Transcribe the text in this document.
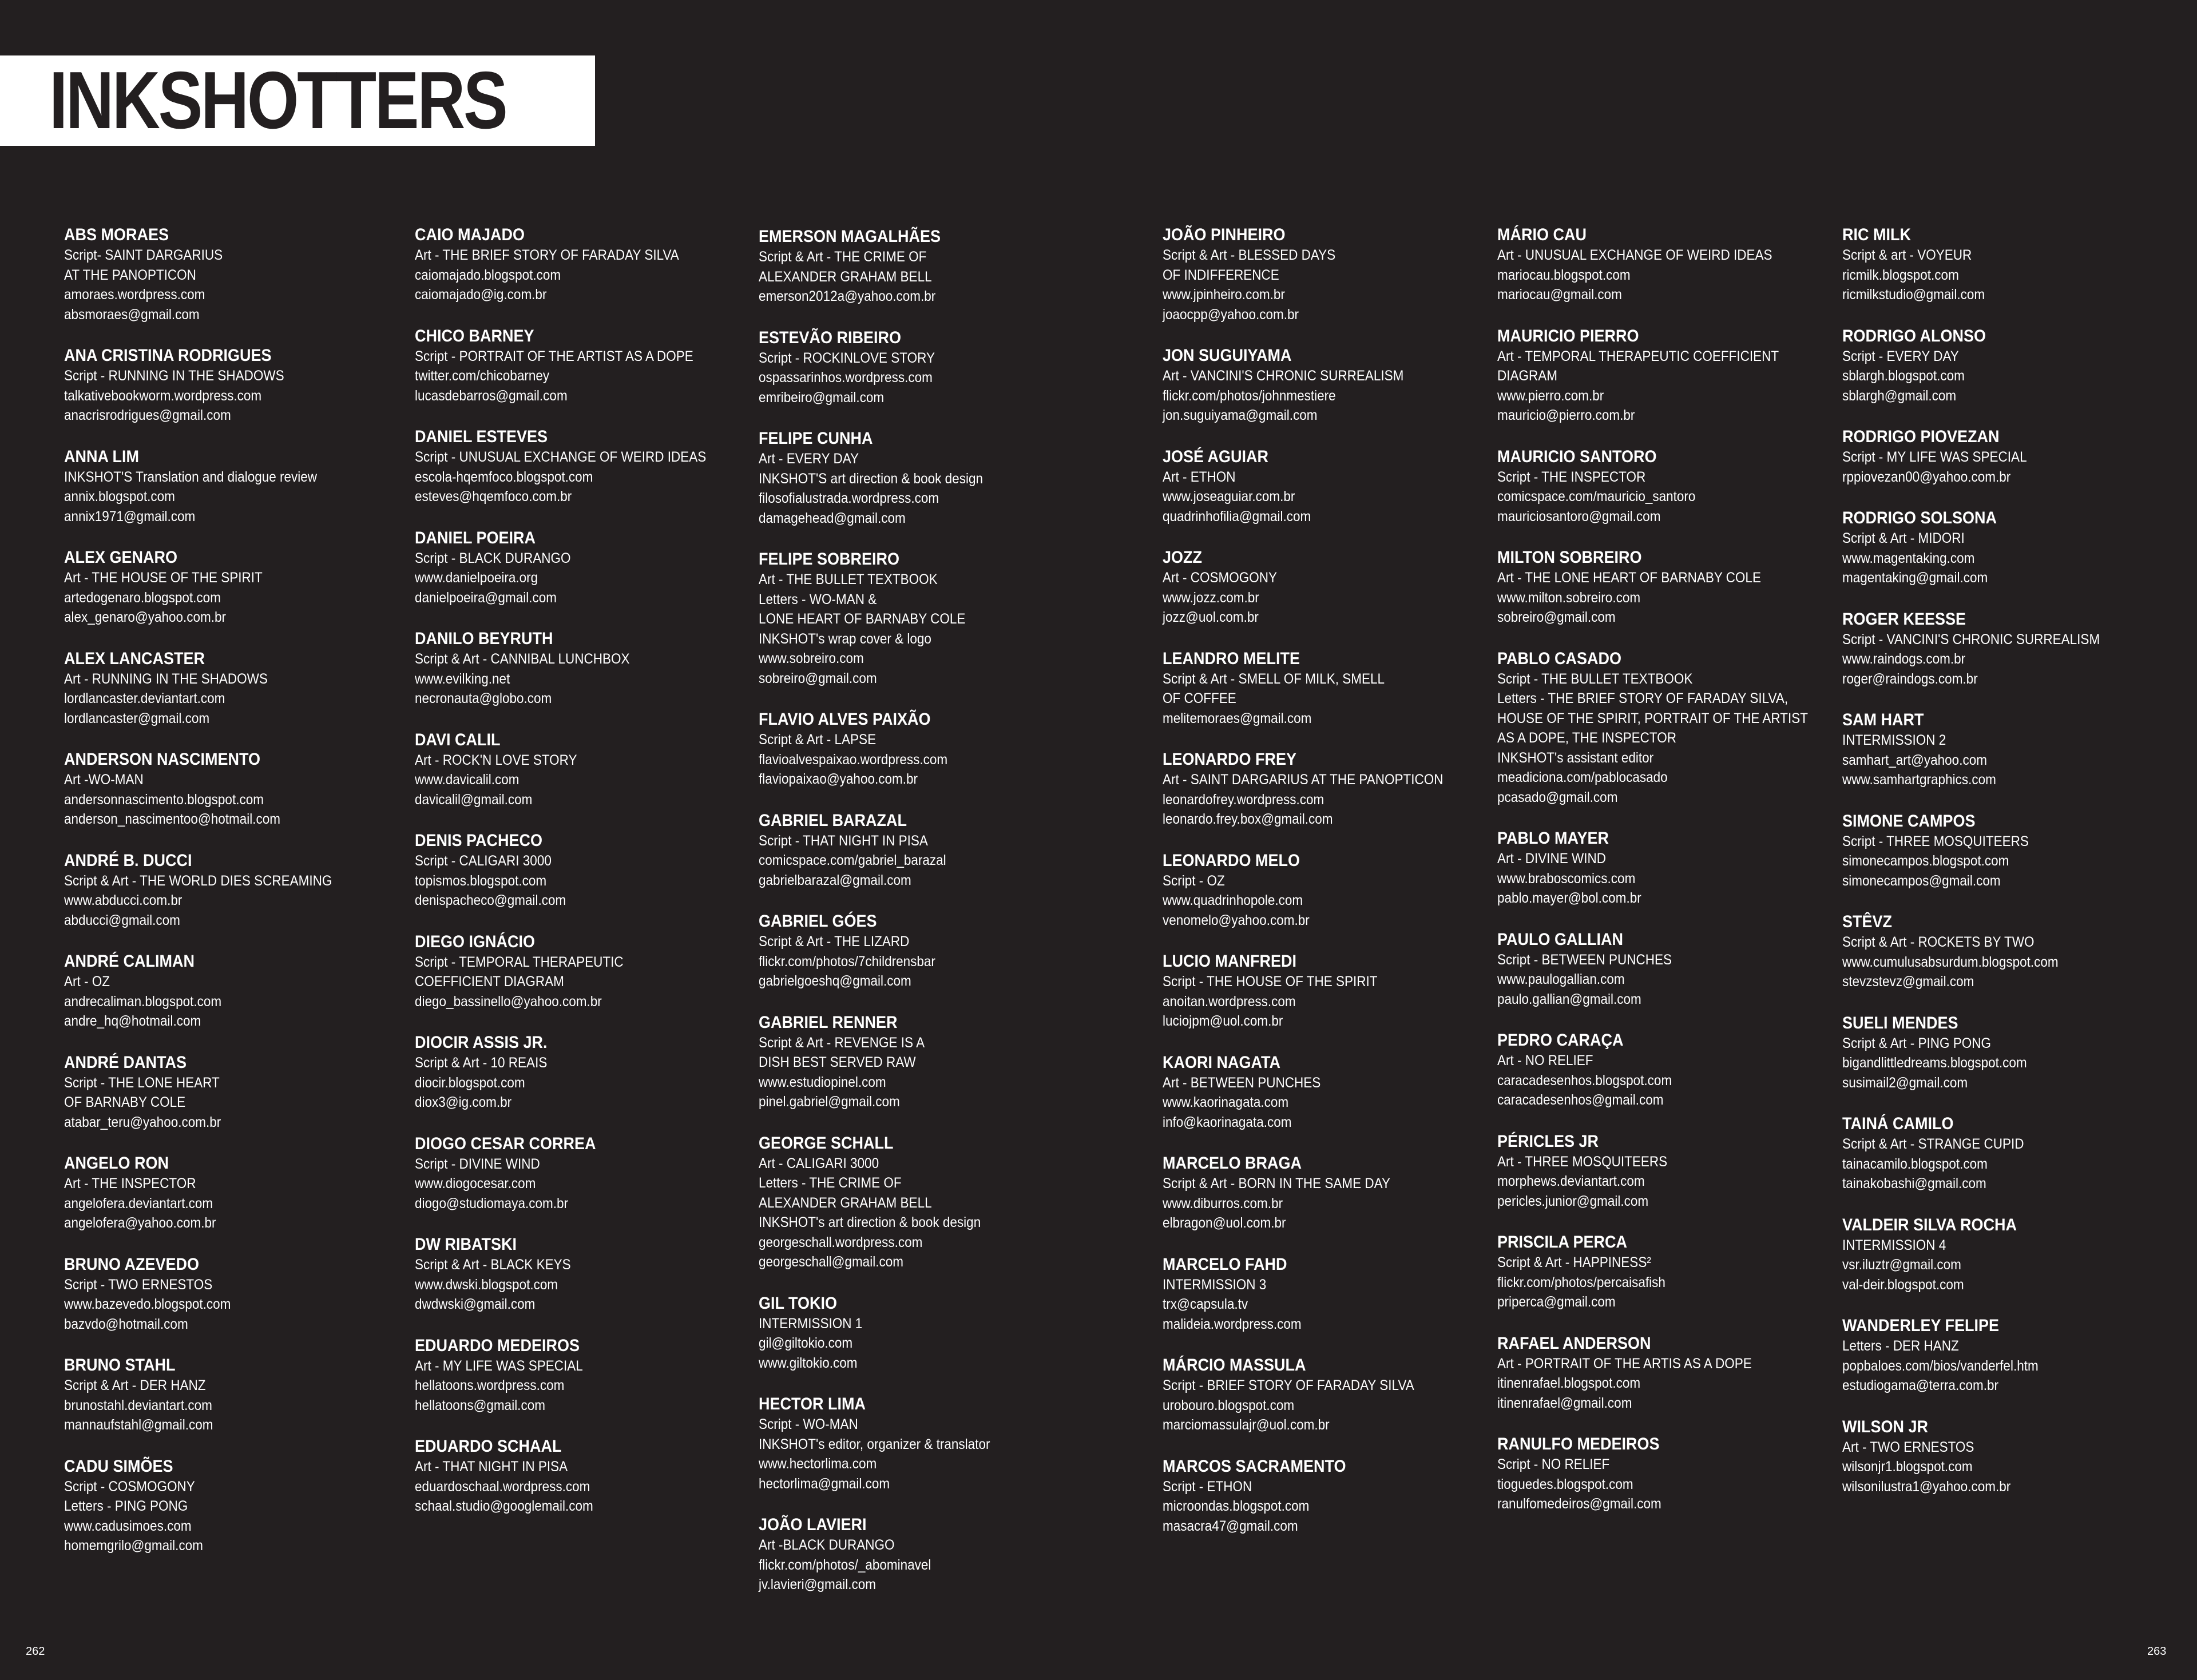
INKSHOTTERS
ABS MORAES
Script- SAINT DARGARIUS
AT THE PANOPTICON
amoraes.wordpress.com
absmoraes@gmail.com
ANA CRISTINA RODRIGUES
Script - RUNNING IN THE SHADOWS
talkativebookworm.wordpress.com
anacrisrodrigues@gmail.com
ANNA LIM
INKSHOT'S Translation and dialogue review
annix.blogspot.com
annix1971@gmail.com
ALEX GENARO
Art - THE HOUSE OF THE SPIRIT
artedogenaro.blogspot.com
alex_genaro@yahoo.com.br
ALEX LANCASTER
Art - RUNNING IN THE SHADOWS
lordlancaster.deviantart.com
lordlancaster@gmail.com
ANDERSON NASCIMENTO
Art -WO-MAN
andersonnascimento.blogspot.com
anderson_nascimentoo@hotmail.com
ANDRÉ B. DUCCI
Script & Art - THE WORLD DIES SCREAMING
www.abducci.com.br
abducci@gmail.com
ANDRÉ CALIMAN
Art - OZ
andrecaliman.blogspot.com
andre_hq@hotmail.com
ANDRÉ DANTAS
Script - THE LONE HEART
OF BARNABY COLE
atabar_teru@yahoo.com.br
ANGELO RON
Art - THE INSPECTOR
angelofera.deviantart.com
angelofera@yahoo.com.br
BRUNO AZEVEDO
Script - TWO ERNESTOS
www.bazevedo.blogspot.com
bazvdo@hotmail.com
BRUNO STAHL
Script & Art - DER HANZ
brunostahl.deviantart.com
mannaufstahl@gmail.com
CADU SIMÕES
Script - COSMOGONY
Letters - PING PONG
www.cadusimoes.com
homemgrilo@gmail.com
CAIO MAJADO
Art - THE BRIEF STORY OF FARADAY SILVA
caiomajado.blogspot.com
caiomajado@ig.com.br
CHICO BARNEY
Script - PORTRAIT OF THE ARTIST AS A DOPE
twitter.com/chicobarney
lucasdebarros@gmail.com
DANIEL ESTEVES
Script - UNUSUAL EXCHANGE OF WEIRD IDEAS
escola-hqemfoco.blogspot.com
esteves@hqemfoco.com.br
DANIEL POEIRA
Script - BLACK DURANGO
www.danielpoeira.org
danielpoeira@gmail.com
DANILO BEYRUTH
Script & Art - CANNIBAL LUNCHBOX
www.evilking.net
necronauta@globo.com
DAVI CALIL
Art - ROCK'N LOVE STORY
www.davicalil.com
davicalil@gmail.com
DENIS PACHECO
Script - CALIGARI 3000
topismos.blogspot.com
denispacheco@gmail.com
DIEGO IGNÁCIO
Script - TEMPORAL THERAPEUTIC
COEFFICIENT DIAGRAM
diego_bassinello@yahoo.com.br
DIOCIR ASSIS JR.
Script & Art - 10 REAIS
diocir.blogspot.com
diox3@ig.com.br
DIOGO CESAR CORREA
Script - DIVINE WIND
www.diogocesar.com
diogo@studiomaya.com.br
DW RIBATSKI
Script & Art - BLACK KEYS
www.dwski.blogspot.com
dwdwski@gmail.com
EDUARDO MEDEIROS
Art - MY LIFE WAS SPECIAL
hellatoons.wordpress.com
hellatoons@gmail.com
EDUARDO SCHAAL
Art - THAT NIGHT IN PISA
eduardoschaal.wordpress.com
schaal.studio@googlemail.com
EMERSON MAGALHÃES
Script & Art - THE CRIME OF
ALEXANDER GRAHAM BELL
emerson2012a@yahoo.com.br
ESTEVÃO RIBEIRO
Script - ROCKINLOVE STORY
ospassarinhos.wordpress.com
emribeiro@gmail.com
FELIPE CUNHA
Art - EVERY DAY
INKSHOT'S art direction & book design
filosofialustrada.wordpress.com
damagehead@gmail.com
FELIPE SOBREIRO
Art - THE BULLET TEXTBOOK
Letters - WO-MAN &
LONE HEART OF BARNABY COLE
INKSHOT's wrap cover & logo
www.sobreiro.com
sobreiro@gmail.com
FLAVIO ALVES PAIXÃO
Script & Art - LAPSE
flavioalvespaixao.wordpress.com
flaviopaixao@yahoo.com.br
GABRIEL BARAZAL
Script - THAT NIGHT IN PISA
comicspace.com/gabriel_barazal
gabrielbarazal@gmail.com
GABRIEL GÓES
Script & Art - THE LIZARD
flickr.com/photos/7childrensbar
gabrielgoeshq@gmail.com
GABRIEL RENNER
Script & Art - REVENGE IS A
DISH BEST SERVED RAW
www.estudiopinel.com
pinel.gabriel@gmail.com
GEORGE SCHALL
Art - CALIGARI 3000
Letters - THE CRIME OF
ALEXANDER GRAHAM BELL
INKSHOT's art direction & book design
georgeschall.wordpress.com
georgeschall@gmail.com
GIL TOKIO
INTERMISSION 1
gil@giltokio.com
www.giltokio.com
HECTOR LIMA
Script - WO-MAN
INKSHOT's editor, organizer & translator
www.hectorlima.com
hectorlima@gmail.com
JOÃO LAVIERI
Art -BLACK DURANGO
flickr.com/photos/_abominavel
jv.lavieri@gmail.com
JOÃO PINHEIRO
Script & Art - BLESSED DAYS
OF INDIFFERENCE
www.jpinheiro.com.br
joaocpp@yahoo.com.br
JON SUGUIYAMA
Art - VANCINI'S CHRONIC SURREALISM
flickr.com/photos/johnmestiere
jon.suguiyama@gmail.com
JOSÉ AGUIAR
Art - ETHON
www.joseaguiar.com.br
quadrinhofilia@gmail.com
JOZZ
Art - COSMOGONY
www.jozz.com.br
jozz@uol.com.br
LEANDRO MELITE
Script & Art - SMELL OF MILK, SMELL
OF COFFEE
melitemoraes@gmail.com
LEONARDO FREY
Art - SAINT DARGARIUS AT THE PANOPTICON
leonardofrey.wordpress.com
leonardo.frey.box@gmail.com
LEONARDO MELO
Script - OZ
www.quadrinhopole.com
venomelo@yahoo.com.br
LUCIO MANFREDI
Script - THE HOUSE OF THE SPIRIT
anoitan.wordpress.com
luciojpm@uol.com.br
KAORI NAGATA
Art - BETWEEN PUNCHES
www.kaorinagata.com
info@kaorinagata.com
MARCELO BRAGA
Script & Art - BORN IN THE SAME DAY
www.diburros.com.br
elbragon@uol.com.br
MARCELO FAHD
INTERMISSION 3
trx@capsula.tv
malideia.wordpress.com
MÁRCIO MASSULA
Script - BRIEF STORY OF FARADAY SILVA
urobouro.blogspot.com
marciomassulajr@uol.com.br
MARCOS SACRAMENTO
Script - ETHON
microondas.blogspot.com
masacra47@gmail.com
MÁRIO CAU
Art - UNUSUAL EXCHANGE OF WEIRD IDEAS
mariocau.blogspot.com
mariocau@gmail.com
MAURICIO PIERRO
Art - TEMPORAL THERAPEUTIC COEFFICIENT
DIAGRAM
www.pierro.com.br
mauricio@pierro.com.br
MAURICIO SANTORO
Script - THE INSPECTOR
comicspace.com/mauricio_santoro
mauriciosantoro@gmail.com
MILTON SOBREIRO
Art - THE LONE HEART OF BARNABY COLE
www.milton.sobreiro.com
sobreiro@gmail.com
PABLO CASADO
Script - THE BULLET TEXTBOOK
Letters - THE BRIEF STORY OF FARADAY SILVA,
HOUSE OF THE SPIRIT, PORTRAIT OF THE ARTIST
AS A DOPE, THE INSPECTOR
INKSHOT's assistant editor
meadiciona.com/pablocasado
pcasado@gmail.com
PABLO MAYER
Art - DIVINE WIND
www.braboscomics.com
pablo.mayer@bol.com.br
PAULO GALLIAN
Script - BETWEEN PUNCHES
www.paulogallian.com
paulo.gallian@gmail.com
PEDRO CARAÇA
Art - NO RELIEF
caracadesenhos.blogspot.com
caracadesenhos@gmail.com
PÉRICLES JR
Art - THREE MOSQUITEERS
morphews.deviantart.com
pericles.junior@gmail.com
PRISCILA PERCA
Script & Art - HAPPINESS²
flickr.com/photos/percaisafish
priperca@gmail.com
RAFAEL ANDERSON
Art - PORTRAIT OF THE ARTIS AS A DOPE
itinenrafael.blogspot.com
itinenrafael@gmail.com
RANULFO MEDEIROS
Script - NO RELIEF
tioguedes.blogspot.com
ranulfomedeiros@gmail.com
RIC MILK
Script & art - VOYEUR
ricmilk.blogspot.com
ricmilkstudio@gmail.com
RODRIGO ALONSO
Script - EVERY DAY
sblargh.blogspot.com
sblargh@gmail.com
RODRIGO PIOVEZAN
Script - MY LIFE WAS SPECIAL
rppiovezan00@yahoo.com.br
RODRIGO SOLSONA
Script & Art - MIDORI
www.magentaking.com
magentaking@gmail.com
ROGER KEESSE
Script - VANCINI'S CHRONIC SURREALISM
www.raindogs.com.br
roger@raindogs.com.br
SAM HART
INTERMISSION 2
samhart_art@yahoo.com
www.samhartgraphics.com
SIMONE CAMPOS
Script - THREE MOSQUITEERS
simonecampos.blogspot.com
simonecampos@gmail.com
STÊVZ
Script & Art - ROCKETS BY TWO
www.cumulusabsurdum.blogspot.com
stevzstevz@gmail.com
SUELI MENDES
Script & Art - PING PONG
bigandlittledreams.blogspot.com
susimail2@gmail.com
TAINÁ CAMILO
Script & Art - STRANGE CUPID
tainacamilo.blogspot.com
tainakobashi@gmail.com
VALDEIR SILVA ROCHA
INTERMISSION 4
vsr.iluztr@gmail.com
val-deir.blogspot.com
WANDERLEY FELIPE
Letters - DER HANZ
popbaloes.com/bios/vanderfel.htm
estudiogama@terra.com.br
WILSON JR
Art - TWO ERNESTOS
wilsonjr1.blogspot.com
wilsonilustra1@yahoo.com.br
262	263
